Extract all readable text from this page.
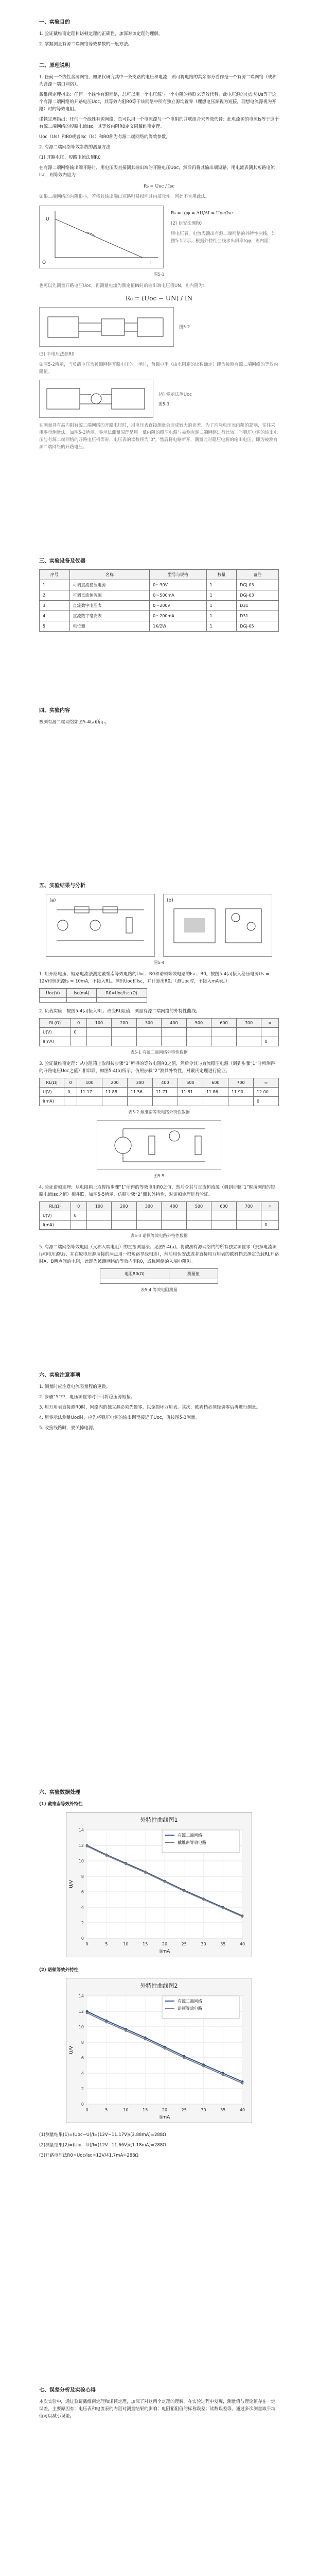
一、实验目的
1. 验证戴维南定理和诺顿定理的正确性，加深对该定理的理解。
2. 掌握测量有源二端网络等效参数的一般方法。
二、原理说明
1. 任何一个线性含源网络，如果仅研究其中一条支路的电压和电流，则可将电路的其余部分看作是一个有源二端网络（或称为含源一端口网络）。
戴维南定理指出：任何一个线性有源网络，总可以用一个电压源与一个电阻的串联来等效代替，此电压源的电动势Us等于这个有源二端网络的开路电压Uoc，其等效内阻R0等于该网络中所有独立源均置零（理想电压源视为短接，理想电流源视为开路）时的等效电阻。
诺顿定理指出：任何一个线性有源网络，总可以用一个电流源与一个电阻的并联组合来等效代替；此电流源的电流Is等于这个有源二端网络的短路电流Isc，其等效内阻R0定义同戴维南定理。
Uoc（Us）和R0或者Isc（Is）和R0称为有源二端网络的等效参数。
2. 有源二端网络等效参数的测量方法
(1) 开路电压、短路电流法测R0
在有源二端网络输出端开路时，用电压表直接测其输出端的开路电压Uoc，然后再将其输出端短路，用电流表测其短路电流Isc，则等效内阻为：
R₀ = Uoc / Isc
如果二端网络的内阻很小，若将其输出端口短路则易损坏其内部元件，因此不宜用此法。
U
I
O
R₀ = tgφ = ΔU/ΔI = Uoc/Isc
(2) 伏安法测R0
用电压表、电流表测出有源二端网络的外特性曲线，如图5-1所示。根据外特性曲线求出斜率tgφ，则内阻：
图5-1
也可以先测量开路电压Uoc，再测量电流为额定值IN时的输出端电压值UN，则内阻为：
R₀ = (Uoc − UN) / IN
图5-2
(3) 半电压法测R0
如图5-2所示，当负载电压为被测网络开路电压的一半时，负载电阻（由电阻箱的读数确定）即为被测有源二端网络的等效内阻值。
(4) 零示法测Uoc
图5-3
在测量具有高内阻有源二端网络的开路电压时，用电压表直接测量会造成较大的误差。为了消除电压表内阻的影响，往往采用零示测量法，如图5-3所示。零示法测量原理是用一低内阻的稳压电源与被测有源二端网络进行比较，当稳压电源的输出电压与有源二端网络的开路电压相等时，电压表的读数将为"0"。然后将电路断开，测量此时稳压电源的输出电压，即为被测有源二端网络的开路电压。
三、实验设备及仪器
序号	名称	型号与规格	数量	备注
1	可调直流稳压电源	0～30V	1	DGJ-03
2	可调直流恒流源	0～500mA	1	DGJ-03
3	直流数字电压表	0～200V	1	D31
4	直流数字毫安表	0～200mA	1	D31
5	电位器	1K/2W	1	DGJ-05
四、实验内容
被测有源二端网络如图5-4(a)所示。
五、实验结果与分析
(a)	(b)
图5-4
1. 用开路电压、短路电流法测定戴维南等效电路的Uoc、R0和诺顿等效电路的Isc、R0。按图5-4(a)接入稳压电源Us = 12V和恒流源Is = 10mA，不接入RL。测出Uoc和Isc，并计算出R0。（测Uoc时，不接入mA表。）
Uoc(V)	Isc(mA)	R0=Uoc/Isc (Ω)

2. 负载实验：按图5-4(a)接入RL。改变RL阻值，测量有源二端网络的外特性曲线。
RL(Ω)	0	100	200	300	400	500	600	700	∞
U(V)	0								
I(mA)									0
表5-1 有源二端网络外特性数据
3. 验证戴维南定理：从电阻箱上取得按步骤“1”所得的等效电阻R0之值，然后令其与直流稳压电源（调到步骤“1”时所测得的开路电压Uoc之值）相串联，如图5-4(b)所示，仿照步骤“2”测其外特性，对戴氏定理进行验证。
RL(Ω)	0	100	200	300	400	500	600	700	∞
U(V)	0	11.17	11.88	11.56	11.71	11.81	11.86	11.90	12.00
I(mA)									0
表5-2 戴维南等效电路外特性数据
图5-5
4. 验证诺顿定理：从电阻箱上取得按步骤“1”所得的等效电阻R0之值，然后令其与直流恒流源（调到步骤“1”时所测得的短路电流Isc之值）相并联，如图5-5所示，仿照步骤“2”测其外特性，对诺顿定理进行验证。
RL(Ω)	0	100	200	300	400	500	600	700	∞
U(V)	0								
I(mA)									0
表5-3 诺顿等效电路外特性数据
5. 有源二端网络等效电阻（又称入端电阻）的直接测量法。见图5-4(a)。将被测有源网络内的所有独立源置零（去掉电流源Is和电压源Us，并在原电压源所接的两点用一根短路导线相连），然后用伏安法或者直接用万用表的欧姆档去测定负载RL开路时A、B两点间的电阻，此即为被测网络的等效内阻R0，或称网络的入端电阻Ri。
电阻R0(Ω)	测量值

表5-4 等效电阻测量
六、实验注意事项
1. 测量时应注意电流表量程的更换。
2. 步骤“5”中，电压源置零时不可将稳压源短接。
3. 用万用表直接测R0时，网络内的独立源必须先置零，以免损坏万用表。其次，欧姆档必须经调零后再进行测量。
4. 用零示法测量Uoc时，应先将稳压电源的输出调至接近于Uoc，再按图5-3测量。
5. 改接线路时，要关掉电源。
六、实验数据处理
(1) 戴维南等效外特性
外特性曲线图1
0
2
4
6
8
10
12
14
0	5	10	15	20	25	30	35	40
U/V
I/mA
有源二端网络
戴维南等效电路
(2) 诺顿等效外特性
外特性曲线图2
0
2
4
6
8
10
12
14
0	5	10	15	20	25	30	35	40
U/V
I/mA
有源二端网络
诺顿等效电路
(1)测量结果(1)=(Uoc−U)/I=(12V−11.17V)/(2.88mA)=288Ω
(2)测量结果(2)=(Uoc−U)/I=(12V−11.66V)/(1.18mA)=288Ω
(3)开路电压法R0=Uoc/Isc=12V/41.7mA≈288Ω
七、误差分析及实验心得
本次实验中，通过验证戴维南定理和诺顿定理，加深了对这两个定理的理解。在实验过程中发现，测量值与理论值存在一定误差，主要原因有：电压表和电流表的内阻对测量结果的影响；电阻箱阻值的标称误差；读数误差等。通过多次测量取平均值可以减小误差。
